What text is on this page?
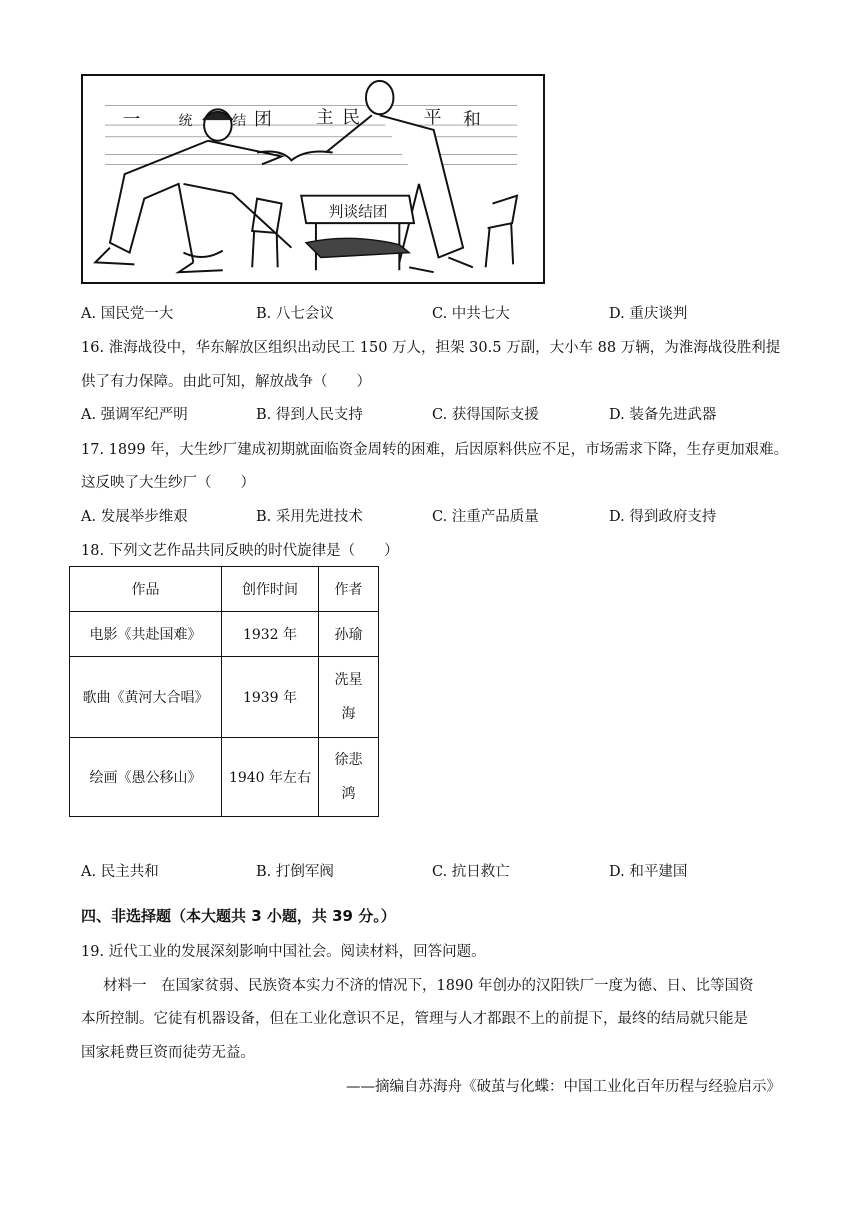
一	统	结 团 主 民	平 和
判谈结团
A. 国民党一大	B. 八七会议	C. 中共七大	D. 重庆谈判
16. 淮海战役中，华东解放区组织出动民工 150 万人，担架 30.5 万副，大小车 88 万辆，为淮海战役胜利提
供了有力保障。由此可知，解放战争（　　）
A. 强调军纪严明	B. 得到人民支持	C. 获得国际支援	D. 装备先进武器
17. 1899 年，大生纱厂建成初期就面临资金周转的困难，后因原料供应不足，市场需求下降，生存更加艰难。
这反映了大生纱厂（　　）
A. 发展举步维艰	B. 采用先进技术	C. 注重产品质量	D. 得到政府支持
18. 下列文艺作品共同反映的时代旋律是（　　）
作品	创作时间	作者
电影《共赴国难》	1932 年	孙瑜

歌曲《黄河大合唱》	1939 年	冼星
海

绘画《愚公移山》	1940 年左右	徐悲
鸿
A. 民主共和	B. 打倒军阀	C. 抗日救亡	D. 和平建国
四、非选择题（本大题共 3 小题，共 39 分。）
19. 近代工业的发展深刻影响中国社会。阅读材料，回答问题。
材料一　在国家贫弱、民族资本实力不济的情况下，1890 年创办的汉阳铁厂一度为德、日、比等国资
本所控制。它徒有机器设备，但在工业化意识不足，管理与人才都跟不上的前提下，最终的结局就只能是
国家耗费巨资而徒劳无益。
——摘编自苏海舟《破茧与化蝶：中国工业化百年历程与经验启示》
